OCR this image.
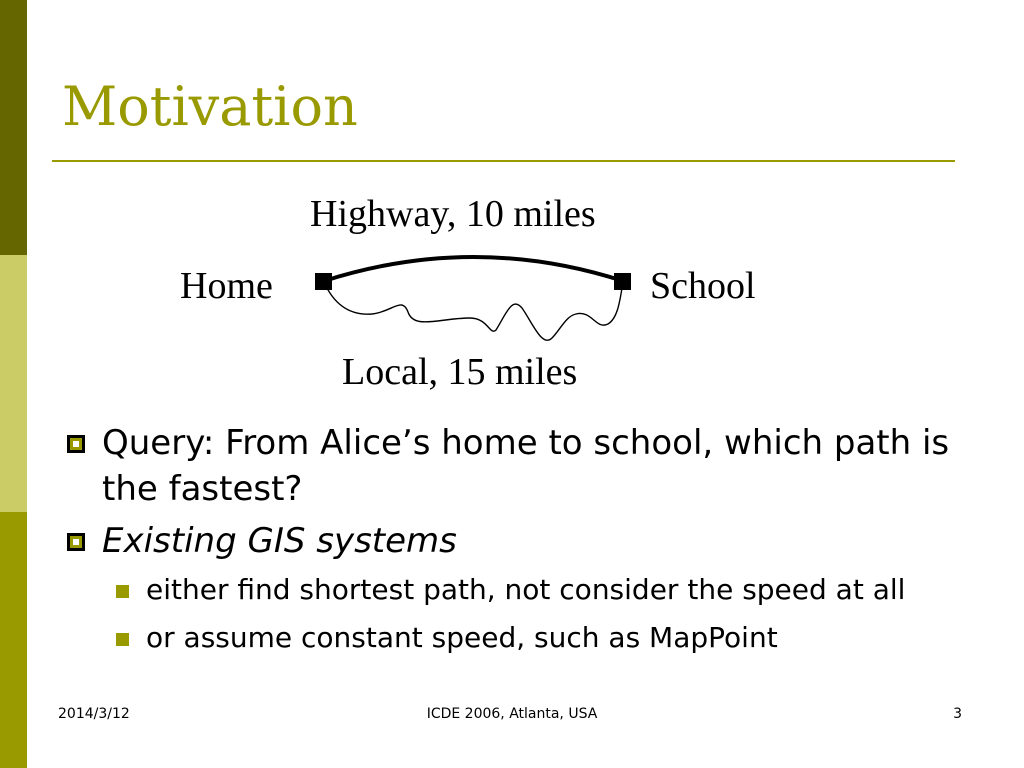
Motivation
Highway, 10 miles
Home	School
Local, 15 miles
Query: From Alice’s home to school, which path is the fastest?
Existing GIS systems
either find shortest path, not consider the speed at all
or assume constant speed, such as MapPoint
2014/3/12	ICDE 2006, Atlanta, USA	3
